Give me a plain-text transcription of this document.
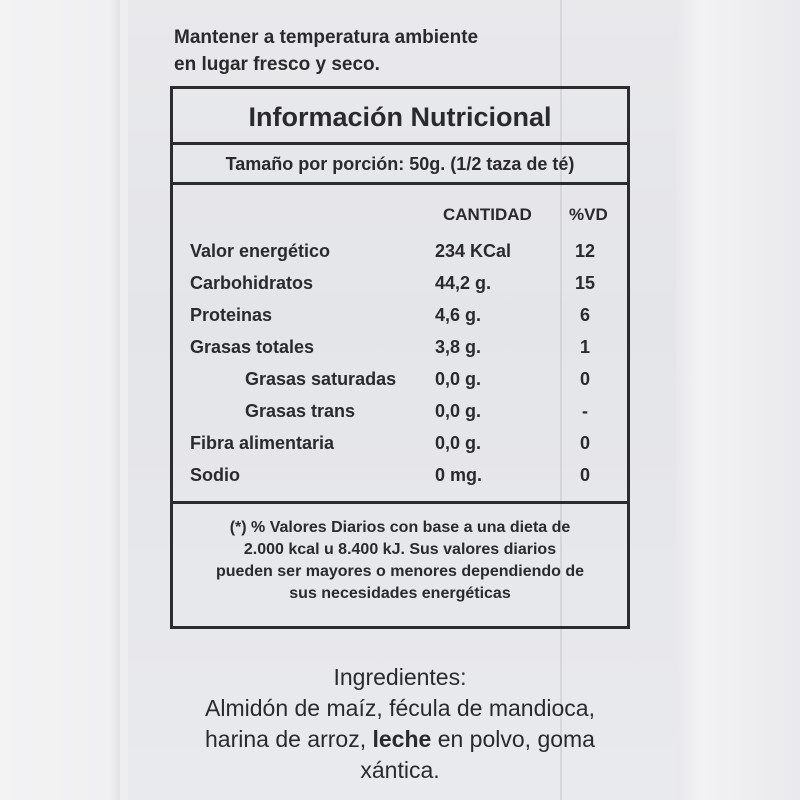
Mantener a temperatura ambiente
en lugar fresco y seco.
Información Nutricional
Tamaño por porción: 50g. (1/2 taza de té)
CANTIDAD %VD
Valor energético	234 KCal	12
Carbohidratos	44,2 g.	15
Proteinas	4,6 g.	6
Grasas totales	3,8 g.	1
Grasas saturadas 0,0 g.	0
Grasas trans	0,0 g.	-
Fibra alimentaria	0,0 g.	0
Sodio	0 mg.	0
(*) % Valores Diarios con base a una dieta de
2.000 kcal u 8.400 kJ. Sus valores diarios
pueden ser mayores o menores dependiendo de
sus necesidades energéticas
Ingredientes:
Almidón de maíz, fécula de mandioca,
harina de arroz, leche en polvo, goma
xántica.
